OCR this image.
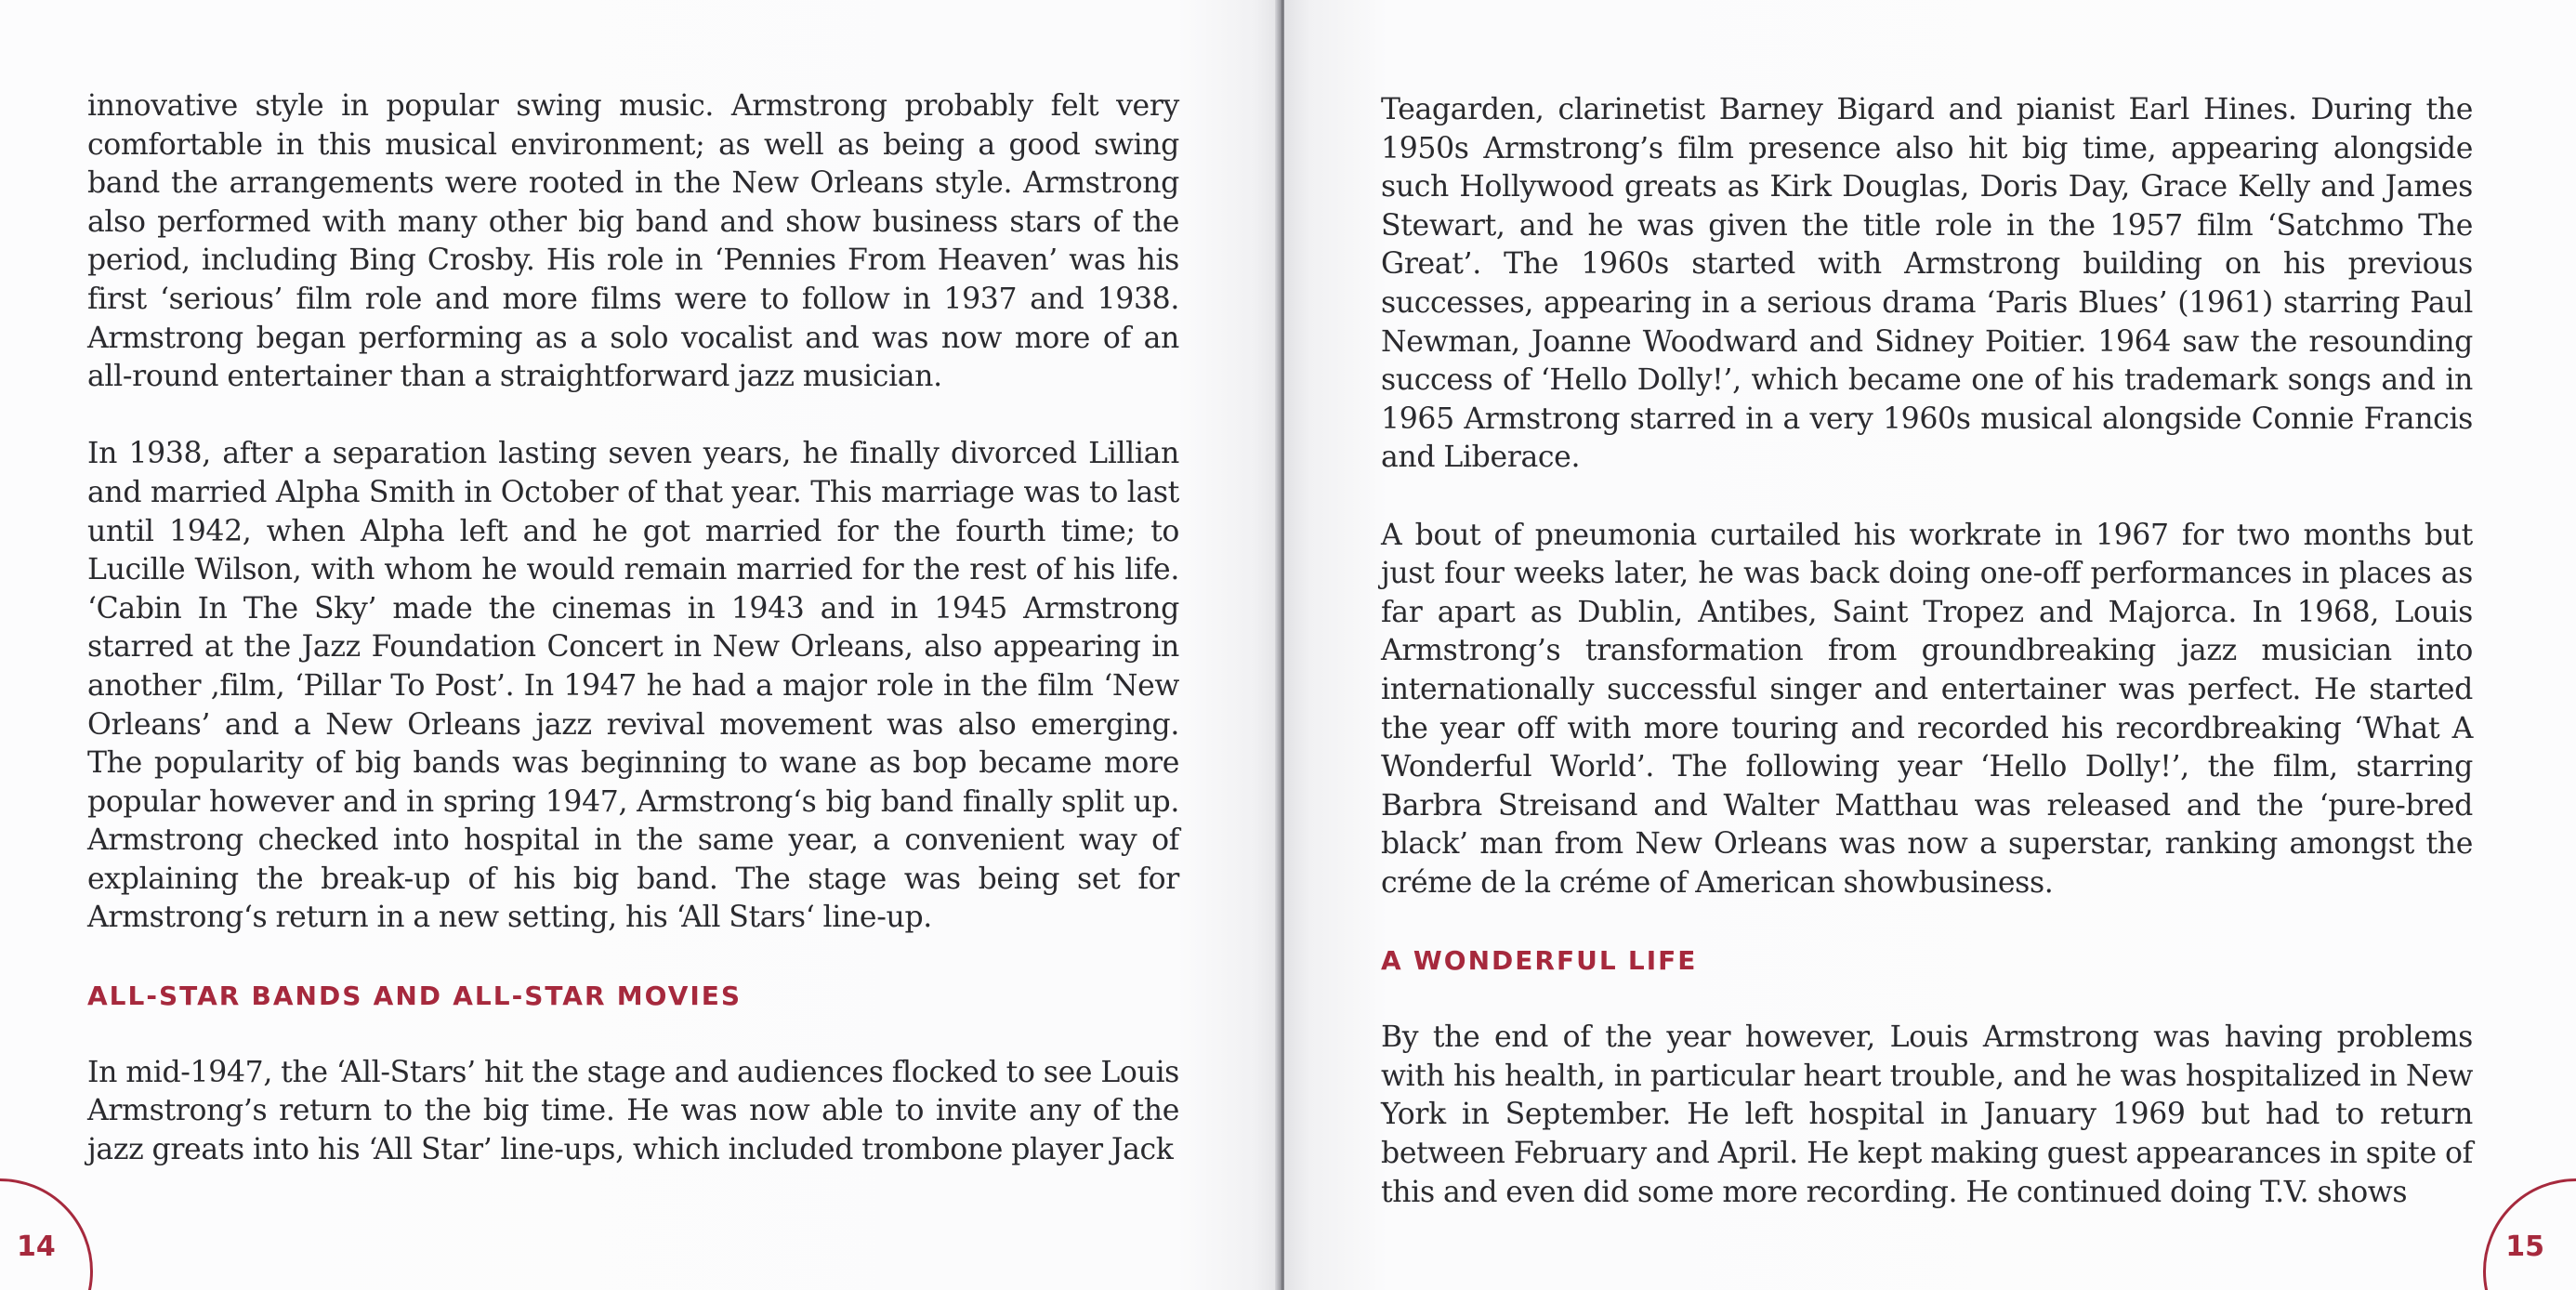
innovative style in popular swing music. Armstrong probably felt very comfortable in this musical environment; as well as being a good swing band the arrangements were rooted in the New Orleans style. Armstrong also performed with many other big band and show business stars of the period, including Bing Crosby. His role in ‘Pennies From Heaven’ was his first ‘serious’ film role and more films were to follow in 1937 and 1938. Armstrong began performing as a solo vocalist and was now more of an all-round entertainer than a straightforward jazz musician.

In 1938, after a separation lasting seven years, he finally divorced Lillian and married Alpha Smith in October of that year. This marriage was to last until 1942, when Alpha left and he got married for the fourth time; to Lucille Wilson, with whom he would remain married for the rest of his life. ‘Cabin In The Sky’ made the cinemas in 1943 and in 1945 Armstrong starred at the Jazz Foundation Concert in New Orleans, also appearing in another ,film, ‘Pillar To Post’. In 1947 he had a major role in the film ‘New Orleans’ and a New Orleans jazz revival movement was also emerging. The popularity of big bands was beginning to wane as bop became more popular however and in spring 1947, Armstrong‘s big band finally split up. Armstrong checked into hospital in the same year, a convenient way of explaining the break-up of his big band. The stage was being set for Armstrong‘s return in a new setting, his ‘All Stars‘ line-up.

ALL-STAR BANDS AND ALL-STAR MOVIES

In mid-1947, the ‘All-Stars’ hit the stage and audiences flocked to see Louis Armstrong’s return to the big time. He was now able to invite any of the jazz greats into his ‘All Star’ line-ups, which included trombone player Jack

14

Teagarden, clarinetist Barney Bigard and pianist Earl Hines. During the 1950s Armstrong’s film presence also hit big time, appearing alongside such Hollywood greats as Kirk Douglas, Doris Day, Grace Kelly and James Stewart, and he was given the title role in the 1957 film ‘Satchmo The Great’. The 1960s started with Armstrong building on his previous successes, appearing in a serious drama ‘Paris Blues’ (1961) starring Paul Newman, Joanne Woodward and Sidney Poitier. 1964 saw the resounding success of ‘Hello Dolly!’, which became one of his trademark songs and in 1965 Armstrong starred in a very 1960s musical alongside Connie Francis and Liberace.

A bout of pneumonia curtailed his workrate in 1967 for two months but just four weeks later, he was back doing one-off performances in places as far apart as Dublin, Antibes, Saint Tropez and Majorca. In 1968, Louis Armstrong’s transformation from groundbreaking jazz musician into internationally successful singer and entertainer was perfect. He started the year off with more touring and recorded his recordbreaking ‘What A Wonderful World’. The following year ‘Hello Dolly!’, the film, starring Barbra Streisand and Walter Matthau was released and the ‘pure-bred black’ man from New Orleans was now a superstar, ranking amongst the créme de la créme of American showbusiness.

A WONDERFUL LIFE

By the end of the year however, Louis Armstrong was having problems with his health, in particular heart trouble, and he was hospitalized in New York in September. He left hospital in January 1969 but had to return between February and April. He kept making guest appearances in spite of this and even did some more recording. He continued doing T.V. shows

15
